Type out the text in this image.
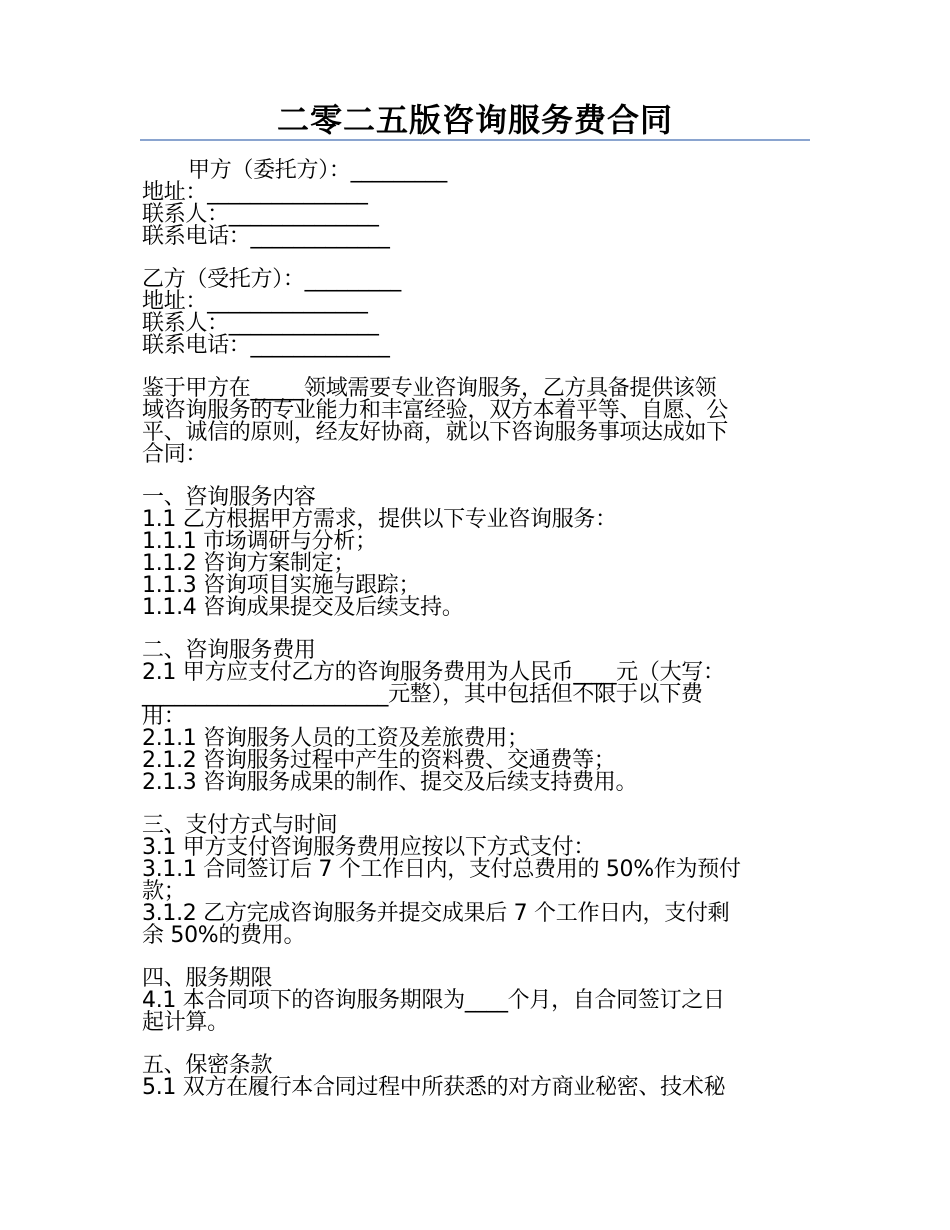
二零二五版咨询服务费合同
甲方（委托方）：_________
地址：_______________
联系人：______________
联系电话：_____________
乙方（受托方）：_________
地址：_______________
联系人：______________
联系电话：_____________
鉴于甲方在_____领域需要专业咨询服务，乙方具备提供该领
域咨询服务的专业能力和丰富经验，双方本着平等、自愿、公
平、诚信的原则，经友好协商，就以下咨询服务事项达成如下
合同：
一、咨询服务内容
1.1 乙方根据甲方需求，提供以下专业咨询服务：
1.1.1 市场调研与分析；
1.1.2 咨询方案制定；
1.1.3 咨询项目实施与跟踪；
1.1.4 咨询成果提交及后续支持。
二、咨询服务费用
2.1 甲方应支付乙方的咨询服务费用为人民币____元（大写：
_______________________元整），其中包括但不限于以下费
用：
2.1.1 咨询服务人员的工资及差旅费用；
2.1.2 咨询服务过程中产生的资料费、交通费等；
2.1.3 咨询服务成果的制作、提交及后续支持费用。
三、支付方式与时间
3.1 甲方支付咨询服务费用应按以下方式支付：
3.1.1 合同签订后 7 个工作日内，支付总费用的 50%作为预付
款；
3.1.2 乙方完成咨询服务并提交成果后 7 个工作日内，支付剩
余 50%的费用。
四、服务期限
4.1 本合同项下的咨询服务期限为____个月，自合同签订之日
起计算。
五、保密条款
5.1 双方在履行本合同过程中所获悉的对方商业秘密、技术秘
